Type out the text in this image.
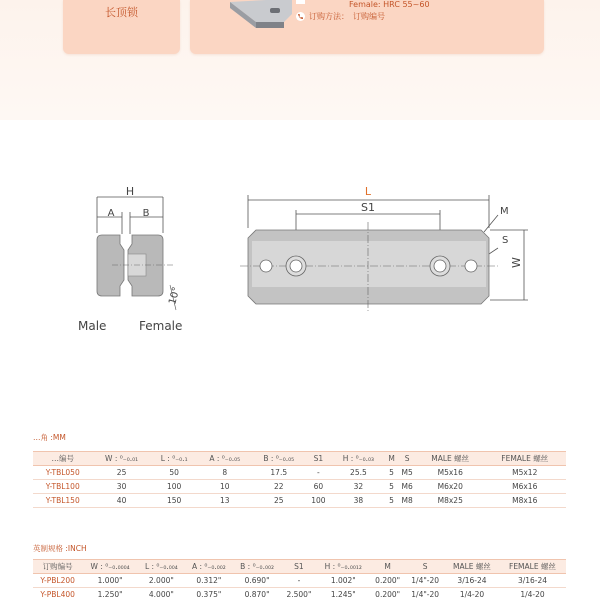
长顶锁
Female: HRC 55~60
订购方法： 订购编号
H
A	B
10°
L
S1	M
S
W
Male	Female
…角 :MM
…编号	W : ⁰₋₀.₀₁	L : ⁰₋₀.₁	A : ⁰₋₀.₀₅	B : ⁰₋₀.₀₅	S1	H : ⁰₋₀.₀₃	M	S	MALE 螺丝	FEMALE 螺丝
Y-TBL050	25	50	8	17.5	-	25.5	5	M5	M5x16	M5x12
Y-TBL100	30	100	10	22	60	32	5	M6	M6x20	M6x16
Y-TBL150	40	150	13	25	100	38	5	M8	M8x25	M8x16
英制规格 :INCH
订购编号	W : ⁰₋₀.₀₀₀₄	L : ⁰₋₀.₀₀₄	A : ⁰₋₀.₀₀₂	B : ⁰₋₀.₀₀₂	S1	H : ⁰₋₀.₀₀₁₂	M	S	MALE 螺丝	FEMALE 螺丝
Y-PBL200	1.000"	2.000"	0.312"	0.690"	-	1.002"	0.200"	1/4"-20	3/16-24	3/16-24
Y-PBL400	1.250"	4.000"	0.375"	0.870"	2.500"	1.245"	0.200"	1/4"-20	1/4-20	1/4-20
